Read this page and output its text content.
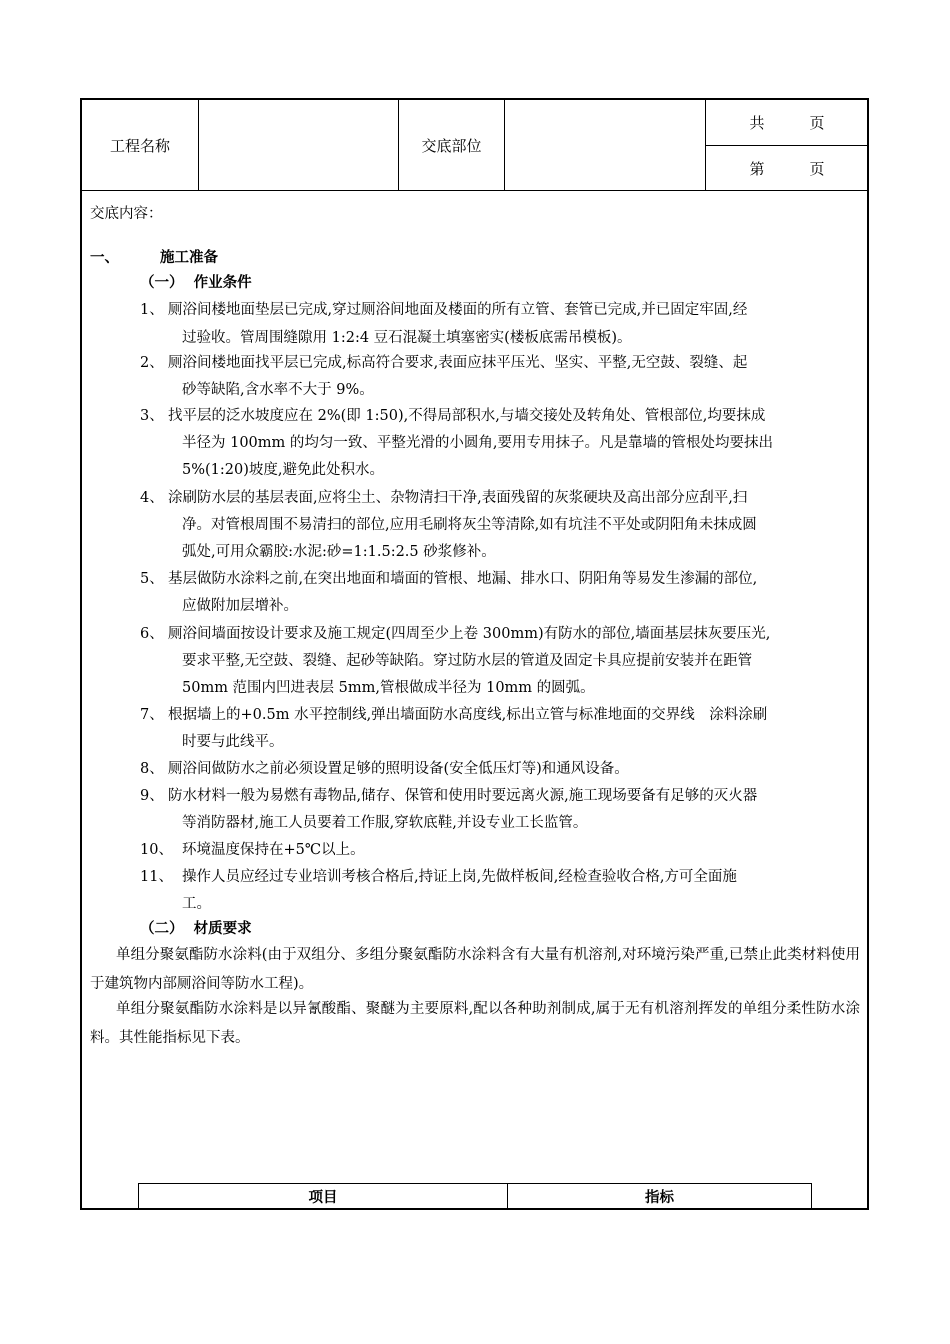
工程名称	交底部位
共　　　页
第　　　页
交底内容：
一、	施工准备
（一）  作业条件
1、 厕浴间楼地面垫层已完成,穿过厕浴间地面及楼面的所有立管、套管已完成,并已固定牢固,经
过验收。管周围缝隙用 1:2:4 豆石混凝土填塞密实(楼板底需吊模板)。
2、 厕浴间楼地面找平层已完成,标高符合要求,表面应抹平压光、坚实、平整,无空鼓、裂缝、起
砂等缺陷,含水率不大于 9%。
3、 找平层的泛水坡度应在 2%(即 1:50),不得局部积水,与墙交接处及转角处、管根部位,均要抹成
半径为 100mm 的均匀一致、平整光滑的小圆角,要用专用抹子。凡是靠墙的管根处均要抹出
5%(1:20)坡度,避免此处积水。
4、 涂刷防水层的基层表面,应将尘土、杂物清扫干净,表面残留的灰浆硬块及高出部分应刮平,扫
净。对管根周围不易清扫的部位,应用毛刷将灰尘等清除,如有坑洼不平处或阴阳角未抹成圆
弧处,可用众霸胶:水泥:砂=1:1.5:2.5 砂浆修补。
5、 基层做防水涂料之前,在突出地面和墙面的管根、地漏、排水口、阴阳角等易发生渗漏的部位,
应做附加层增补。
6、 厕浴间墙面按设计要求及施工规定(四周至少上卷 300mm)有防水的部位,墙面基层抹灰要压光,
要求平整,无空鼓、裂缝、起砂等缺陷。穿过防水层的管道及固定卡具应提前安装并在距管
50mm 范围内凹进表层 5mm,管根做成半径为 10mm 的圆弧。
7、 根据墙上的+0.5m 水平控制线,弹出墙面防水高度线,标出立管与标准地面的交界线　涂料涂刷
时要与此线平。
8、 厕浴间做防水之前必须设置足够的照明设备(安全低压灯等)和通风设备。
9、 防水材料一般为易燃有毒物品,储存、保管和使用时要远离火源,施工现场要备有足够的灭火器
等消防器材,施工人员要着工作服,穿软底鞋,并设专业工长监管。
10、 环境温度保持在+5℃以上。
11、 操作人员应经过专业培训考核合格后,持证上岗,先做样板间,经检查验收合格,方可全面施
工。
（二）  材质要求
单组分聚氨酯防水涂料(由于双组分、多组分聚氨酯防水涂料含有大量有机溶剂,对环境污染严重,已禁止此类材料使用于建筑物内部厕浴间等防水工程)。
单组分聚氨酯防水涂料是以异氰酸酯、聚醚为主要原料,配以各种助剂制成,属于无有机溶剂挥发的单组分柔性防水涂料。其性能指标见下表。
项目	指标
